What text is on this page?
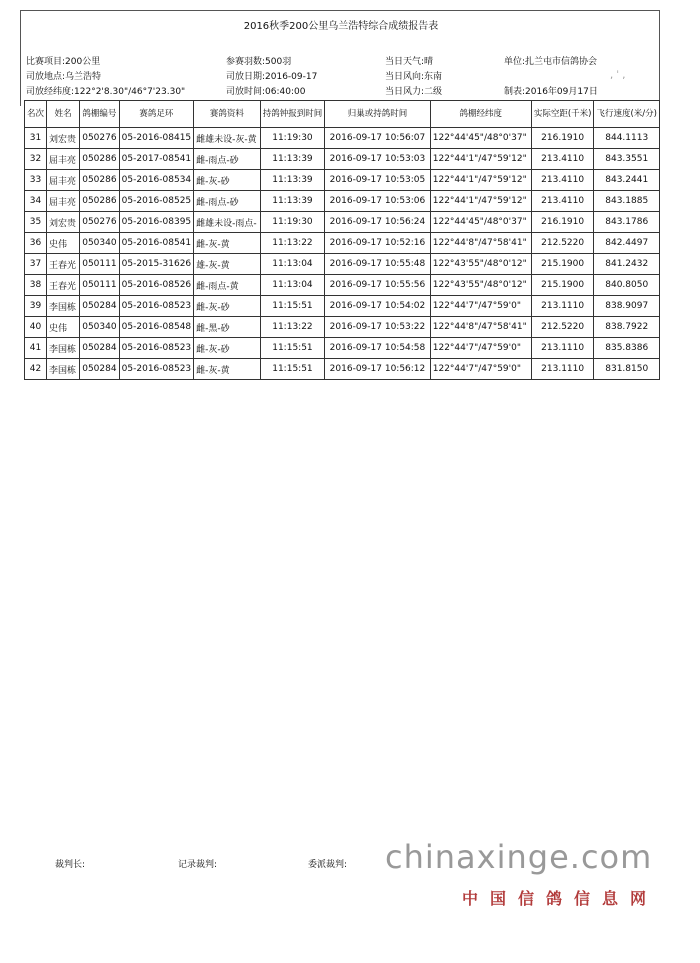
2016秋季200公里乌兰浩特综合成绩报告表
比赛项目:200公里	参赛羽数:500羽	当日天气:晴	单位:扎兰屯市信鸽协会
司放地点:乌兰浩特	司放日期:2016-09-17	当日风向:东南
司放经纬度:122°2'8.30"/46°7'23.30"	司放时间:06:40:00	当日风力:二级	制表:2016年09月17日
名次	姓名	鸽棚编号	赛鸽足环	赛鸽资料	持鸽钟报到时间	归巢或持鸽时间	鸽棚经纬度	实际空距(千米)	飞行速度(米/分)
31	刘宏贵	050276	05-2016-08415	雌雄未设-灰-黄	11:19:30	2016-09-17 10:56:07	122°44'45"/48°0'37"	216.1910	844.1113
32	屈丰亮	050286	05-2017-08541	雌-雨点-砂	11:13:39	2016-09-17 10:53:03	122°44'1"/47°59'12"	213.4110	843.3551
33	屈丰亮	050286	05-2016-08534	雌-灰-砂	11:13:39	2016-09-17 10:53:05	122°44'1"/47°59'12"	213.4110	843.2441
34	屈丰亮	050286	05-2016-08525	雌-雨点-砂	11:13:39	2016-09-17 10:53:06	122°44'1"/47°59'12"	213.4110	843.1885
35	刘宏贵	050276	05-2016-08395	雌雄未设-雨点-	11:19:30	2016-09-17 10:56:24	122°44'45"/48°0'37"	216.1910	843.1786
36	史伟	050340	05-2016-08541	雌-灰-黄	11:13:22	2016-09-17 10:52:16	122°44'8"/47°58'41"	212.5220	842.4497
37	王春光	050111	05-2015-31626	雄-灰-黄	11:13:04	2016-09-17 10:55:48	122°43'55"/48°0'12"	215.1900	841.2432
38	王春光	050111	05-2016-08526	雌-雨点-黄	11:13:04	2016-09-17 10:55:56	122°43'55"/48°0'12"	215.1900	840.8050
39	李国栋	050284	05-2016-08523	雌-灰-砂	11:15:51	2016-09-17 10:54:02	122°44'7"/47°59'0"	213.1110	838.9097
40	史伟	050340	05-2016-08548	雌-黑-砂	11:13:22	2016-09-17 10:53:22	122°44'8"/47°58'41"	212.5220	838.7922
41	李国栋	050284	05-2016-08523	雌-灰-砂	11:15:51	2016-09-17 10:54:58	122°44'7"/47°59'0"	213.1110	835.8386
42	李国栋	050284	05-2016-08523	雌-灰-黄	11:15:51	2016-09-17 10:56:12	122°44'7"/47°59'0"	213.1110	831.8150
, ˈ ,
裁判长:	记录裁判:	委派裁判: chinaxinge.com
中国信鸽信息网
